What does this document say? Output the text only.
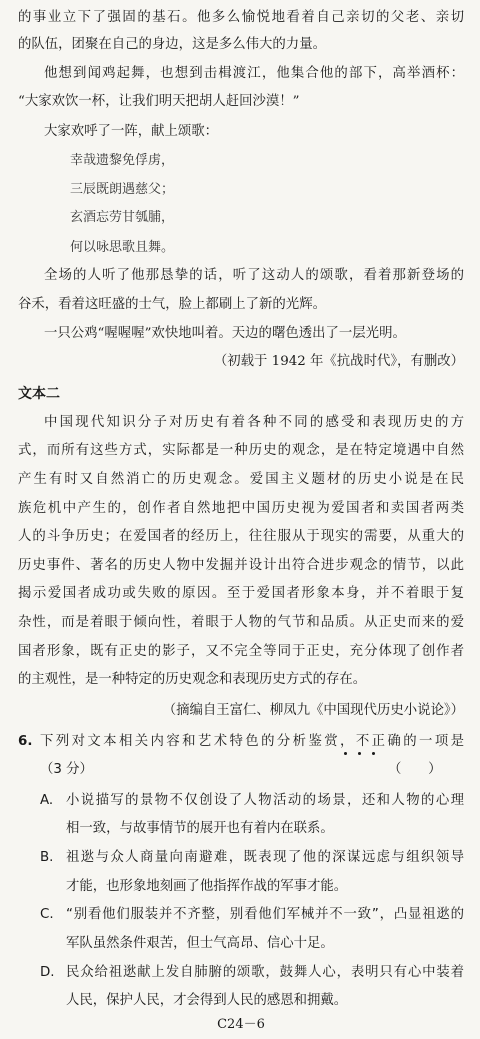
的事业立下了强固的基石。他多么愉悦地看着自己亲切的父老、亲切
的队伍，团聚在自己的身边，这是多么伟大的力量。
他想到闻鸡起舞，也想到击楫渡江，他集合他的部下，高举酒杯：
“大家欢饮一杯，让我们明天把胡人赶回沙漠！”
大家欢呼了一阵，献上颂歌：
幸哉遗黎免俘虏，
三辰既朗遇慈父；
玄酒忘劳甘瓠脯，
何以咏思歌且舞。
全场的人听了他那恳挚的话，听了这动人的颂歌，看着那新登场的
谷禾，看着这旺盛的士气，脸上都刷上了新的光辉。
一只公鸡“喔喔喔”欢快地叫着。天边的曙色透出了一层光明。
（初载于 1942 年《抗战时代》，有删改）
文本二
中国现代知识分子对历史有着各种不同的感受和表现历史的方
式，而所有这些方式，实际都是一种历史的观念，是在特定境遇中自然
产生有时又自然消亡的历史观念。爱国主义题材的历史小说是在民
族危机中产生的，创作者自然地把中国历史视为爱国者和卖国者两类
人的斗争历史；在爱国者的经历上，往往服从于现实的需要，从重大的
历史事件、著名的历史人物中发掘并设计出符合进步观念的情节，以此
揭示爱国者成功或失败的原因。至于爱国者形象本身，并不着眼于复
杂性，而是着眼于倾向性，着眼于人物的气节和品质。从正史而来的爱
国者形象，既有正史的影子，又不完全等同于正史，充分体现了创作者
的主观性，是一种特定的历史观念和表现历史方式的存在。
（摘编自王富仁、柳凤九《中国现代历史小说论》）
6. 下列对文本相关内容和艺术特色的分析鉴赏，不正确的一项是
（3 分）	（　　）
A. 小说描写的景物不仅创设了人物活动的场景，还和人物的心理
相一致，与故事情节的展开也有着内在联系。
B. 祖逖与众人商量向南避难，既表现了他的深谋远虑与组织领导
才能，也形象地刻画了他指挥作战的军事才能。
C. “别看他们服装并不齐整，别看他们军械并不一致”，凸显祖逖的
军队虽然条件艰苦，但士气高昂、信心十足。
D. 民众给祖逖献上发自肺腑的颂歌，鼓舞人心，表明只有心中装着
人民，保护人民，才会得到人民的感恩和拥戴。
C24－6
